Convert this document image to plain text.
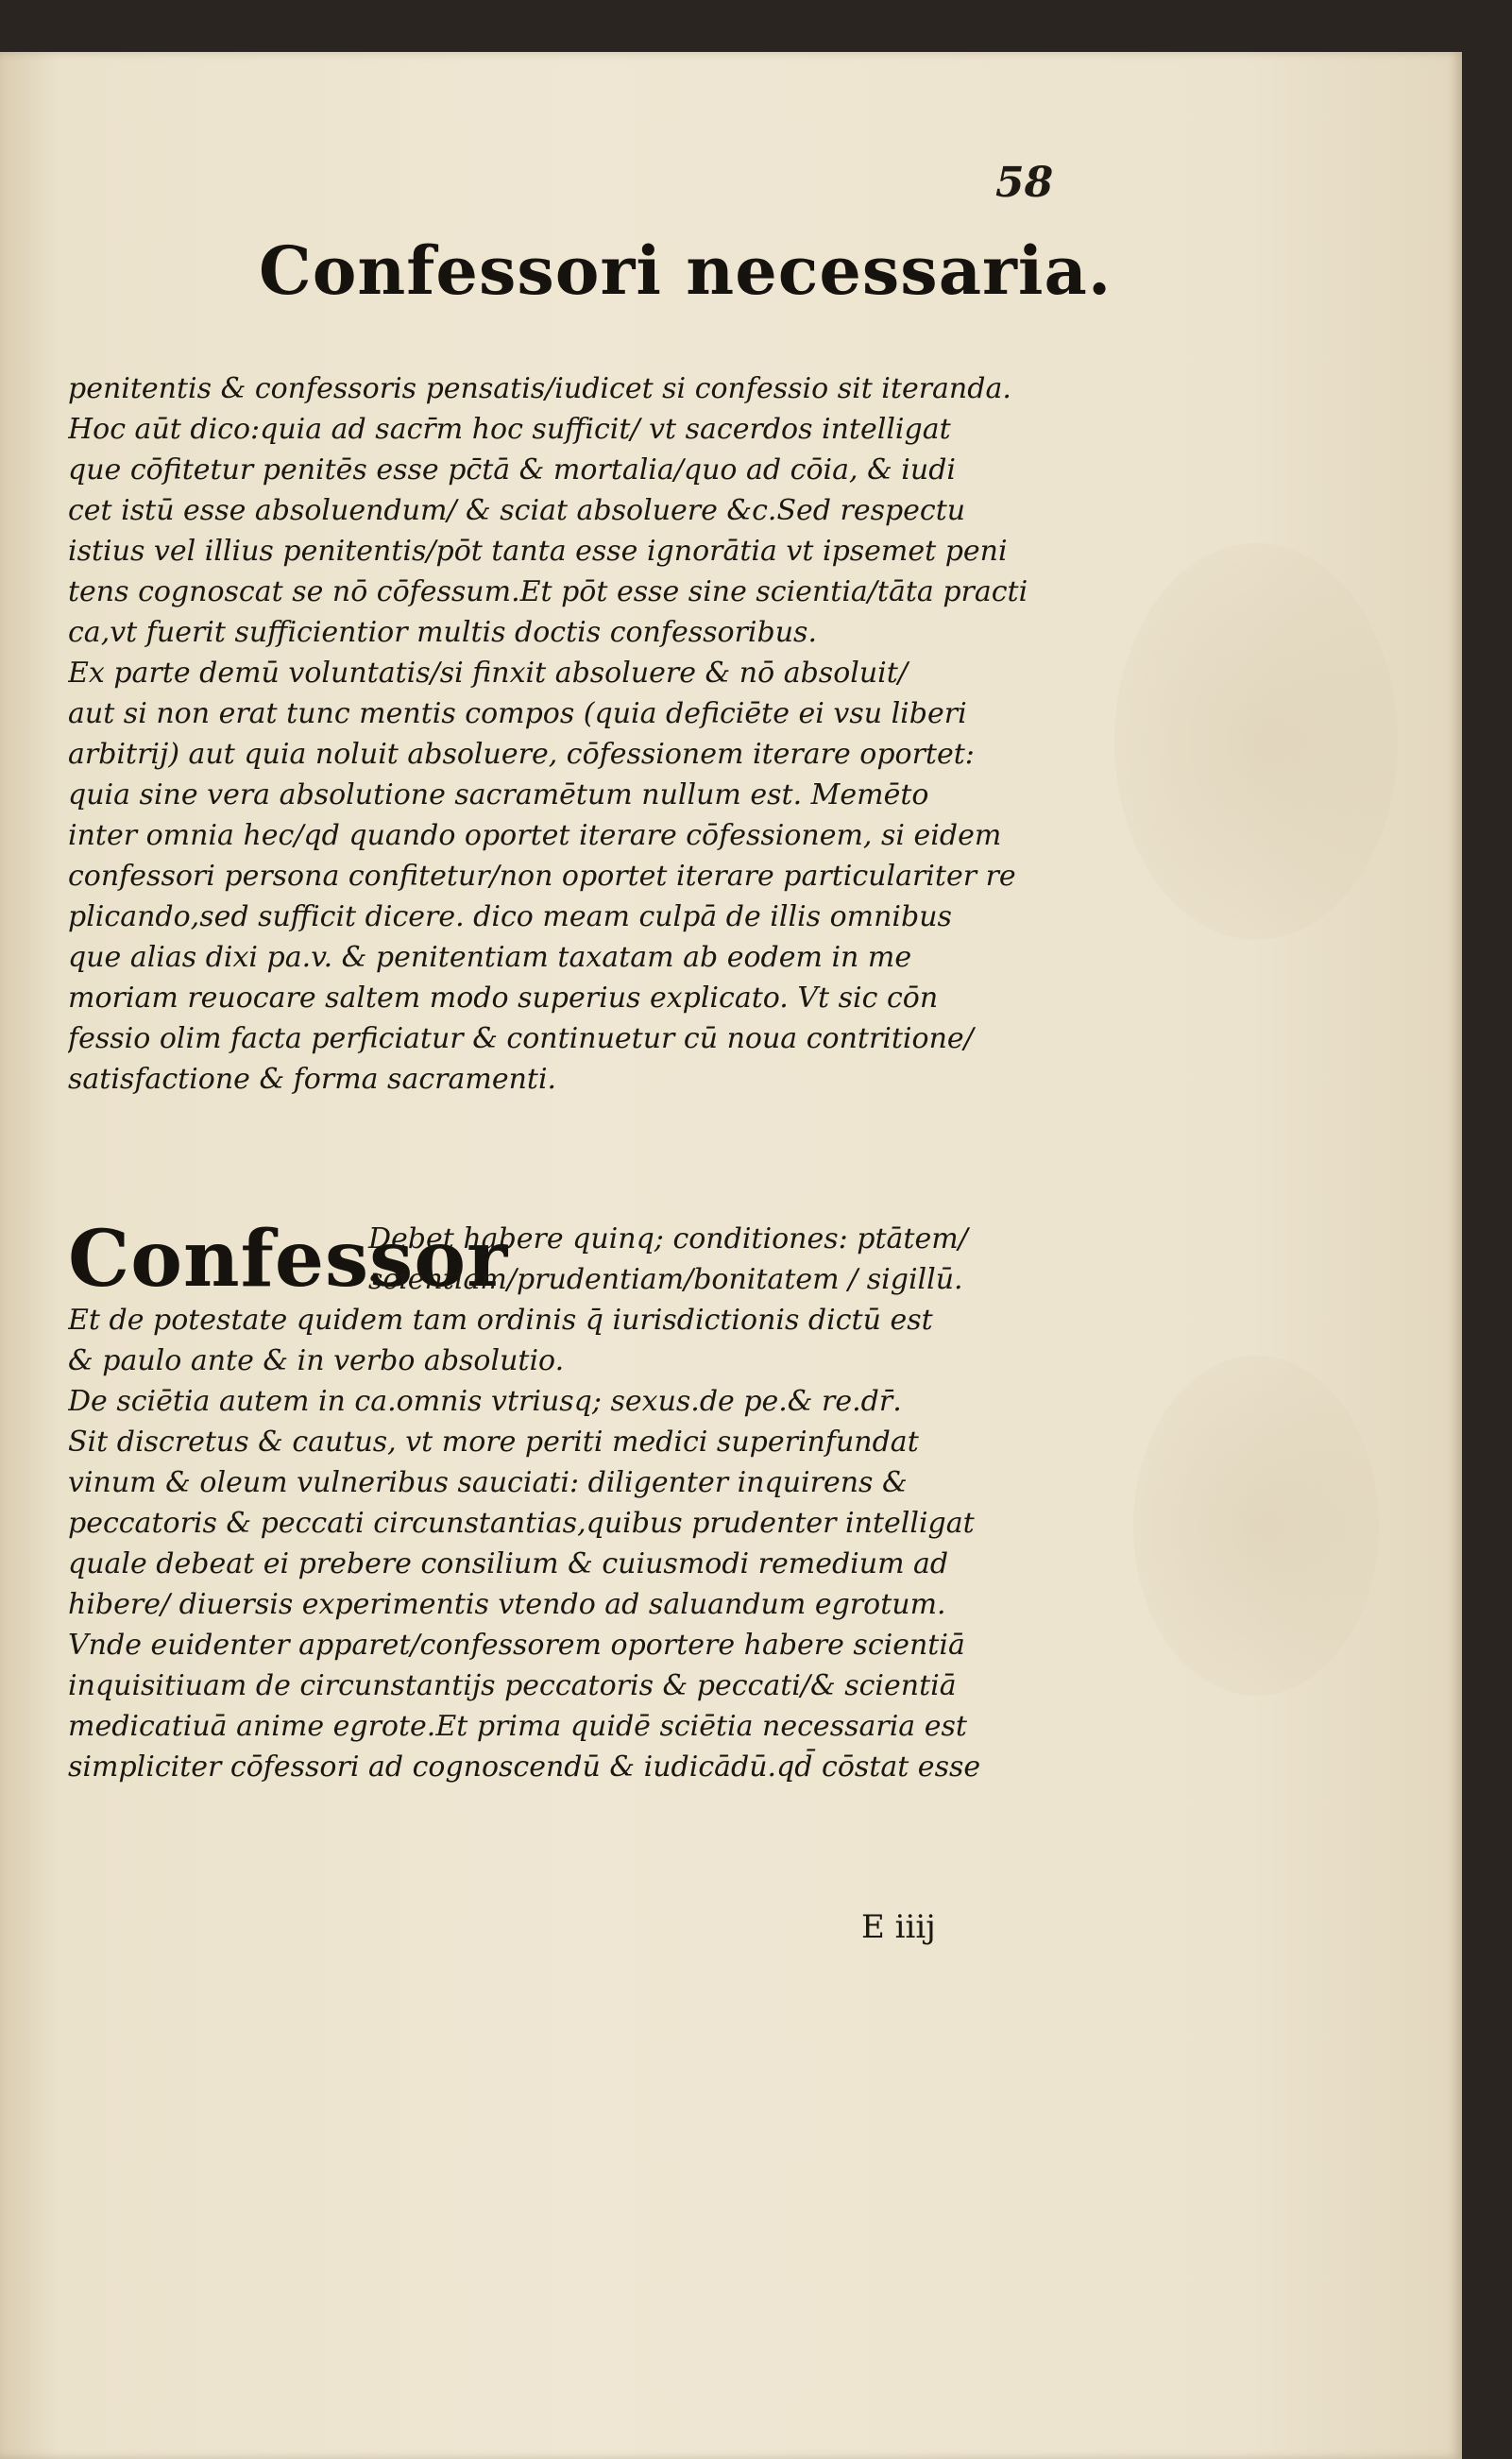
58
Confessori necessaria.
penitentis & confessoris pensatis/iudicet si confessio sit iteranda.
Hoc aūt dico:quia ad sacr̄m hoc sufficit/ vt sacerdos intelligat
que cōfitetur penitēs esse pc̄tā & mortalia/quo ad cōia, & iudi
cet istū esse absoluendum/ & sciat absoluere &c.Sed respectu
istius vel illius penitentis/pōt tanta esse ignorātia vt ipsemet peni
tens cognoscat se nō cōfessum.Et pōt esse sine scientia/tāta practi
ca,vt fuerit sufficientior multis doctis confessoribus.
Ex parte demū voluntatis/si finxit absoluere & nō absoluit/
aut si non erat tunc mentis compos (quia deficiēte ei vsu liberi
arbitrij) aut quia noluit absoluere, cōfessionem iterare oportet:
quia sine vera absolutione sacramētum nullum est. Memēto
inter omnia hec/qd quando oportet iterare cōfessionem, si eidem
confessori persona confitetur/non oportet iterare particulariter re
plicando,sed sufficit dicere. dico meam culpā de illis omnibus
que alias dixi pa.v. & penitentiam taxatam ab eodem in me
moriam reuocare saltem modo superius explicato. Vt sic cōn
fessio olim facta perficiatur & continuetur cū noua contritione/
satisfactione & forma sacramenti.
Confessor
Debet habere quinq; conditiones: ptātem/
scientiam/prudentiam/bonitatem / sigillū.
Et de potestate quidem tam ordinis q̄ iurisdictionis dictū est
& paulo ante & in verbo absolutio.
De sciētia autem in ca.omnis vtriusq; sexus.de pe.& re.dr̄.
Sit discretus & cautus, vt more periti medici superinfundat
vinum & oleum vulneribus sauciati: diligenter inquirens &
peccatoris & peccati circunstantias,quibus prudenter intelligat
quale debeat ei prebere consilium & cuiusmodi remedium ad
hibere/ diuersis experimentis vtendo ad saluandum egrotum.
Vnde euidenter apparet/confessorem oportere habere scientiā
inquisitiuam de circunstantijs peccatoris & peccati/& scientiā
medicatiuā anime egrote.Et prima quidē sciētia necessaria est
simpliciter cōfessori ad cognoscendū & iudicādū.qd̄ cōstat esse
E iiij
